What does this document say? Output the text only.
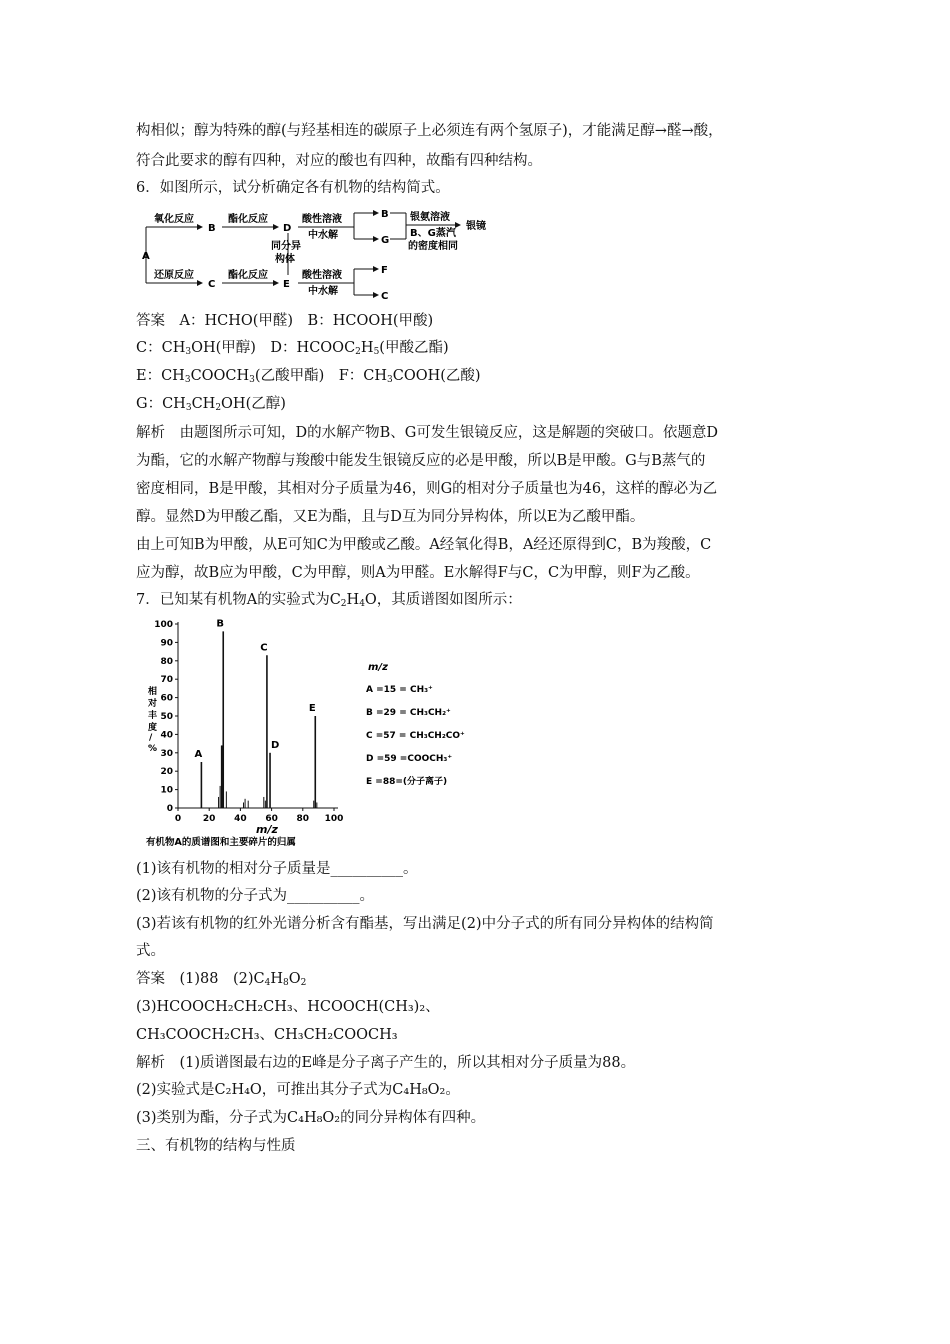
构相似；醇为特殊的醇(与羟基相连的碳原子上必须连有两个氢原子)，才能满足醇→醛→酸，
符合此要求的醇有四种，对应的酸也有四种，故酯有四种结构。
6．如图所示，试分析确定各有机物的结构简式。
A
氧化反应
还原反应
B
C
酯化反应
酯化反应
D
E
同分异
构体
酸性溶液
中水解
酸性溶液
中水解
B
G
F
C
银氨溶液
B、G蒸汽
的密度相同
银镜
答案　A：HCHO(甲醛)　B：HCOOH(甲酸)
C：$CH_3OH$(甲醇)　D：$HCOOC_2H_5$(甲酸乙酯)
E：$CH_3COOCH_3$(乙酸甲酯)　F：$CH_3COOH$(乙酸)
G：$CH_3CH_2OH$(乙醇)
解析　由题图所示可知，D的水解产物B、G可发生银镜反应，这是解题的突破口。依题意D
为酯，它的水解产物醇与羧酸中能发生银镜反应的必是甲酸，所以B是甲酸。G与B蒸气的
密度相同，B是甲酸，其相对分子质量为46，则G的相对分子质量也为46，这样的醇必为乙
醇。显然D为甲酸乙酯，又E为酯，且与D互为同分异构体，所以E为乙酸甲酯。
由上可知B为甲酸，从E可知C为甲酸或乙酸。A经氧化得B，A经还原得到C，B为羧酸，C
应为醇，故B应为甲酸，C为甲醇，则A为甲醛。E水解得F与C，C为甲醇，则F为乙酸。
7．已知某有机物A的实验式为$C_2H_4O$，其质谱图如图所示：
0
10
20
30
40
50
60
70
80
90
100
0 20 40 60 80 100
A
B
C
D
E
相
对
丰
度
/
%
m/z
有机物A的质谱图和主要碎片的归属
m/z
A =15 = CH₃⁺
B =29 = CH₃CH₂⁺
C =57 = CH₃CH₂CO⁺
D =59 =COOCH₃⁺
E =88=(分子离子)
(1)该有机物的相对分子质量是__________。
(2)该有机物的分子式为__________。
(3)若该有机物的红外光谱分析含有酯基，写出满足(2)中分子式的所有同分异构体的结构简
式。
答案　(1)88　$(2)C_4H_8O_2$
(3)HCOOCH₂CH₂CH₃、HCOOCH(CH₃)₂、
CH₃COOCH₂CH₃、CH₃CH₂COOCH₃
解析　(1)质谱图最右边的E峰是分子离子产生的，所以其相对分子质量为88。
(2)实验式是C₂H₄O，可推出其分子式为C₄H₈O₂。
(3)类别为酯，分子式为C₄H₈O₂的同分异构体有四种。
三、有机物的结构与性质
